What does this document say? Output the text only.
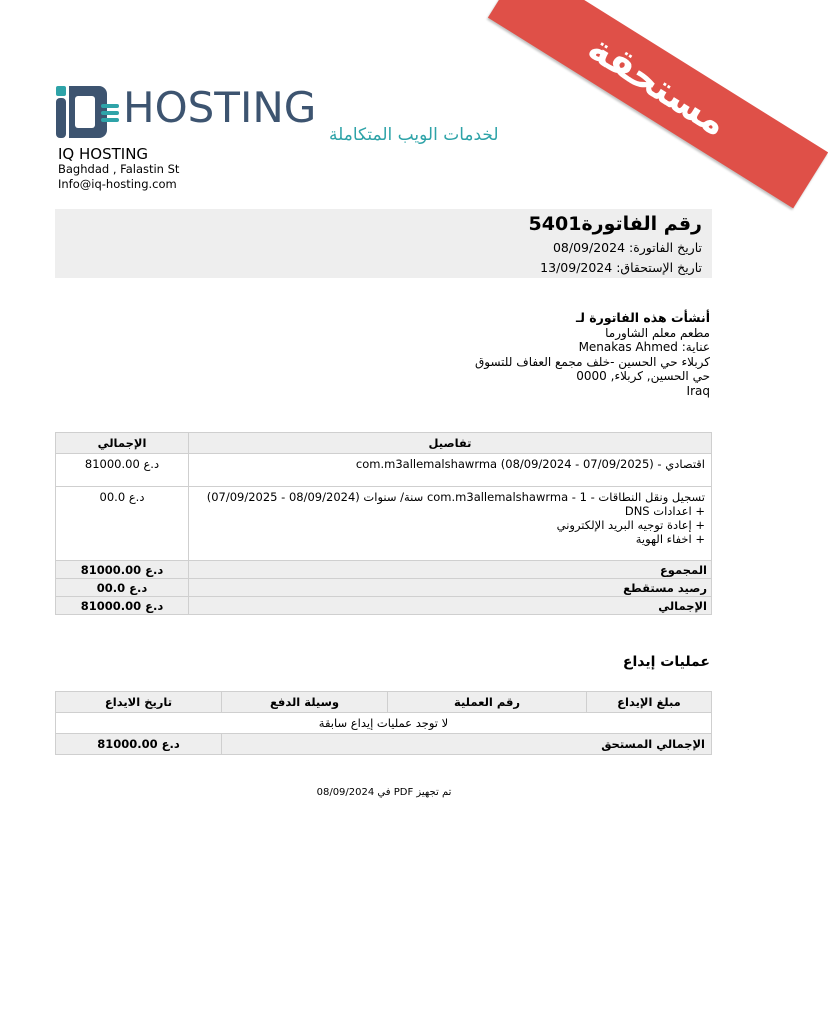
مستحقة
HOSTING
لخدمات الويب المتكاملة
IQ HOSTING
Baghdad , Falastin St
Info@iq-hosting.com
رقم الفاتورة5401
تاريخ الفاتورة: 08/09/2024
تاريخ الإستحقاق: 13/09/2024
أنشأت هذه الفاتورة لـ
مطعم معلم الشاورما
عناية: Menakas Ahmed
كربلاء حي الحسين -خلف مجمع العفاف للتسوق
حي الحسين, كربلاء, 0000
Iraq
الإجمالي	تفاصيل
81000.00 د.ع	اقتصادي - com.m3allemalshawrma (08/09/2024 - 07/09/2025)

00.0 د.ع	تسجيل ونقل النطاقات - com.m3allemalshawrma - 1 سنة/ سنوات (08/09/2024 - 07/09/2025)
+ اعدادات DNS
+ إعادة توجيه البريد الإلكتروني
+ اخفاء الهوية

81000.00 د.ع	المجموع
00.0 د.ع	رصيد مستقطع
81000.00 د.ع	الإجمالي
عمليات إيداع
تاريخ الايداع	وسيلة الدفع	رقم العملية	مبلغ الإيداع
لا توجد عمليات إيداع سابقة			
81000.00 د.ع	الإجمالي المستحق		
تم تجهيز PDF في 08/09/2024
